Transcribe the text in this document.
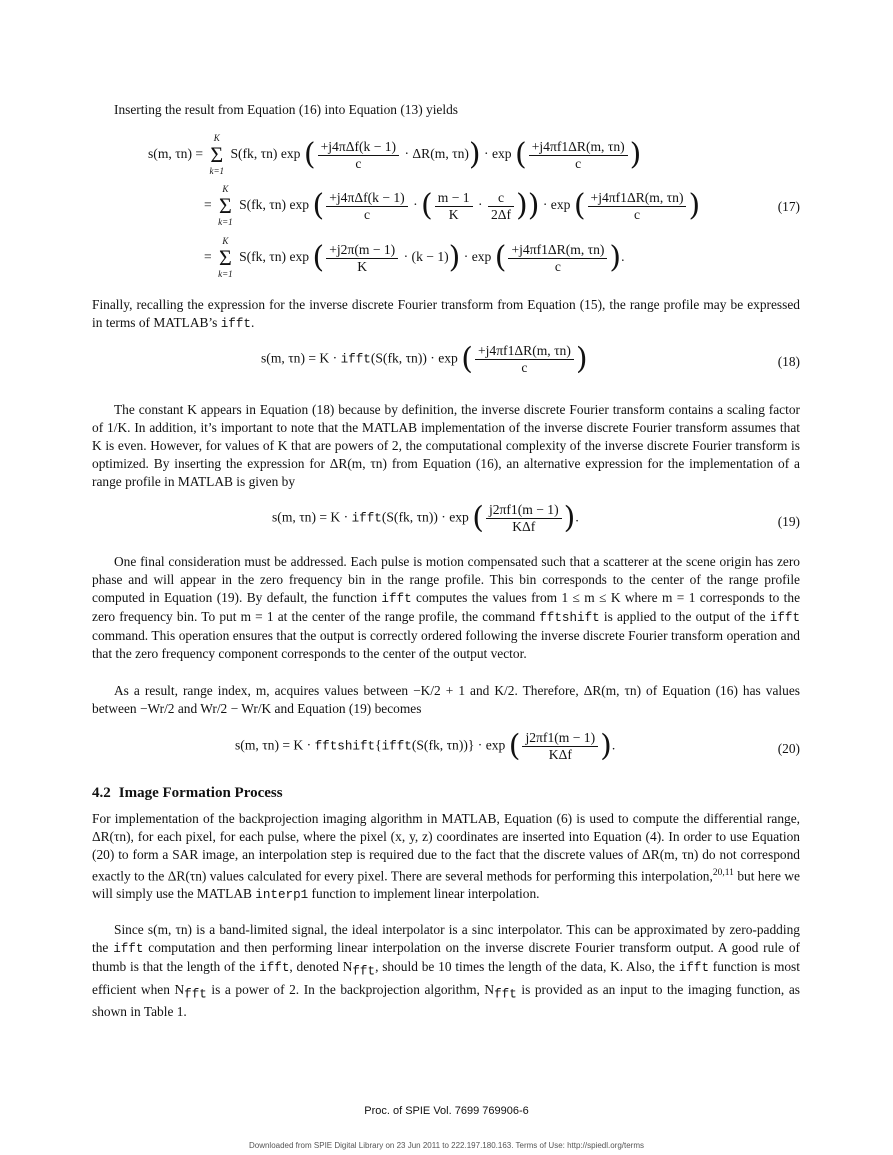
Inserting the result from Equation (16) into Equation (13) yields

s(m, τn) =
K
Σ
k=1
S(fk, τn) exp ( $\frac{\text{+j4πΔf(k − 1)}}{c} \cdot \Delta R(m$, τn)) · exp ( $\frac{+j4\pi f1\Delta R(m, \tau n)}{c}$ )
=
K
Σ
k=1
S(fk, τn) exp ( $\frac{\text{+j4πΔf(k − 1)}}{c}$ · ( $\frac{m - 1}{K} \cdot \frac{c}{2\Delta f}$ )) · exp ( $\frac{+j4\pi f1\Delta R(m, \tau n)}{c}$ )	(17)
=
K
Σ
k=1
S(fk, τn) exp ( $\frac{+j2\pi(m - 1)}{K} \cdot (k - 1)) \cdot \exp$ ( $\frac{+j4\pi f1\Delta R(m, \tau n)}{c}$ ).

Finally, recalling the expression for the inverse discrete Fourier transform from Equation (15), the range profile may be expressed in terms of MATLAB’s ifft.

s(m, τn) = K · ifft(S(fk, τn)) · exp ( $\frac{+j4\pi f1\Delta R(m, \tau n)}{c}$ )	(18)

The constant K appears in Equation (18) because by definition, the inverse discrete Fourier transform contains a scaling factor of 1/K. In addition, it’s important to note that the MATLAB implementation of the inverse discrete Fourier transform assumes that K is even. However, for values of K that are powers of 2, the computational complexity of the inverse discrete Fourier transform is optimized. By inserting the expression for ΔR(m, τn) from Equation (16), an alternative expression for the implementation of a range profile in MATLAB is given by

s(m, τn) = K · ifft(S(fk, τn)) · exp ( $\frac{j2\pi f1(m - 1)}{\text{KΔf}}$ ).	(19)

One final consideration must be addressed. Each pulse is motion compensated such that a scatterer at the scene origin has zero phase and will appear in the zero frequency bin in the range profile. This bin corresponds to the center of the range profile computed in Equation (19). By default, the function ifft computes the values from 1 ≤ m ≤ K where m = 1 corresponds to the zero frequency bin. To put m = 1 at the center of the range profile, the command fftshift is applied to the output of the ifft command. This operation ensures that the output is correctly ordered following the inverse discrete Fourier transform operation and that the zero frequency component corresponds to the center of the output vector.

As a result, range index, m, acquires values between −K/2 + 1 and K/2. Therefore, ΔR(m, τn) of Equation (16) has values between −Wr/2 and Wr/2 − Wr/K and Equation (19) becomes

s(m, τn) = K · fftshift{ifft(S(fk, τn))} · exp ( $\frac{j2\pi f1(m - 1)}{\text{KΔf}}$ ).	(20)
4.2 Image Formation Process

For implementation of the backprojection imaging algorithm in MATLAB, Equation (6) is used to compute the differential range, ΔR(τn), for each pixel, for each pulse, where the pixel (x, y, z) coordinates are inserted into Equation (4). In order to use Equation (20) to form a SAR image, an interpolation step is required due to the fact that the discrete values of ΔR(m, τn) do not correspond exactly to the ΔR(τn) values calculated for every pixel. There are several methods for performing this interpolation,$^{20,11}$ but here we will simply use the MATLAB interp1 function to implement linear interpolation.

Since s(m, τn) is a band-limited signal, the ideal interpolator is a sinc interpolator. This can be approximated by zero-padding the ifft computation and then performing linear interpolation on the inverse discrete Fourier transform output. A good rule of thumb is that the length of the ifft, denoted $N_{fft}$, should be 10 times the length of the data, K. Also, the ifft function is most efficient when $N_{fft}$ is a power of 2. In the backprojection algorithm, $N_{fft}$ is provided as an input to the imaging function, as shown in Table 1.

Proc. of SPIE Vol. 7699 769906-6
Downloaded from SPIE Digital Library on 23 Jun 2011 to 222.197.180.163. Terms of Use: http://spiedl.org/terms
